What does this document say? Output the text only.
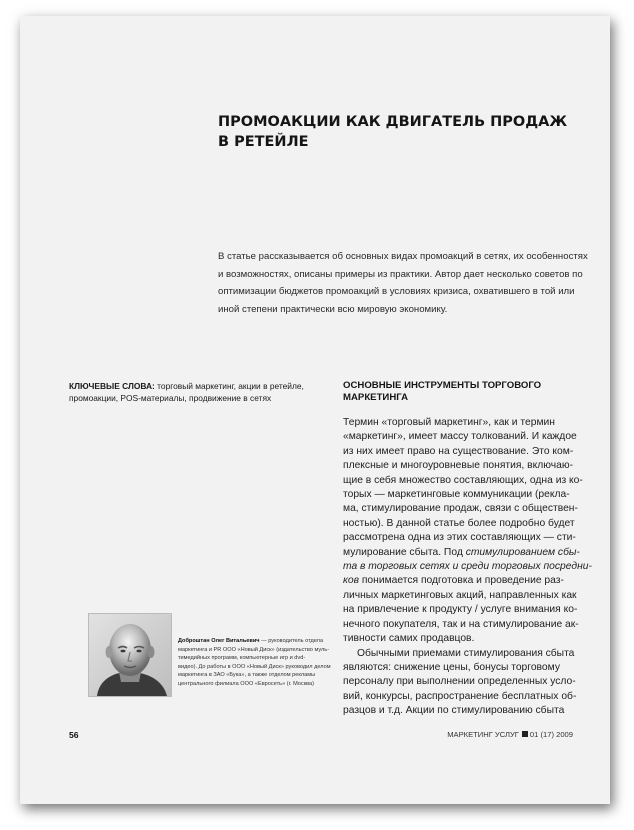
ПРОМОАКЦИИ КАК ДВИГАТЕЛЬ ПРОДАЖ
В РЕТЕЙЛЕ
В статье рассказывается об основных видах промоакций в сетях, их особенностях
и возможностях, описаны примеры из практики. Автор дает несколько советов по
оптимизации бюджетов промоакций в условиях кризиса, охватившего в той или
иной степени практически всю мировую экономику.
КЛЮЧЕВЫЕ СЛОВА: торговый маркетинг, акции в ретейле, промоакции, POS-материалы, продвижение в сетях
ОСНОВНЫЕ ИНСТРУМЕНТЫ ТОРГОВОГО
МАРКЕТИНГА

Термин «торговый маркетинг», как и термин
«маркетинг», имеет массу толкований. И каждое
из них имеет право на существование. Это ком-
плексные и многоуровневые понятия, включаю-
щие в себя множество составляющих, одна из ко-
торых — маркетинговые коммуникации (рекла-
ма, стимулирование продаж, связи с обществен-
ностью). В данной статье более подробно будет
рассмотрена одна из этих составляющих — сти-
мулирование сбыта. Под стимулированием сбы-
та в торговых сетях и среди торговых посредни-
ков понимается подготовка и проведение раз-
личных маркетинговых акций, направленных как
на привлечение к продукту / услуге внимания ко-
нечного покупателя, так и на стимулирование ак-
тивности самих продавцов.

Обычными приемами стимулирования сбыта
являются: снижение цены, бонусы торговому
персоналу при выполнении определенных усло-
вий, конкурсы, распространение бесплатных об-
разцов и т.д. Акции по стимулированию сбыта

Доброштан Олег Витальевич — руководитель отдела
маркетинга и PR ООО «Новый Диск» (издательство муль-
тимедийных программ, компьютерные игр и dvd-
видео). До работы в ООО «Новый Диск» руководил делом
маркетинга в ЗАО «Бука», а также отделом рекламы
центрального филиала ООО «Евросеть» (г. Москва)
56	МАРКЕТИНГ УСЛУГ 01 (17) 2009
